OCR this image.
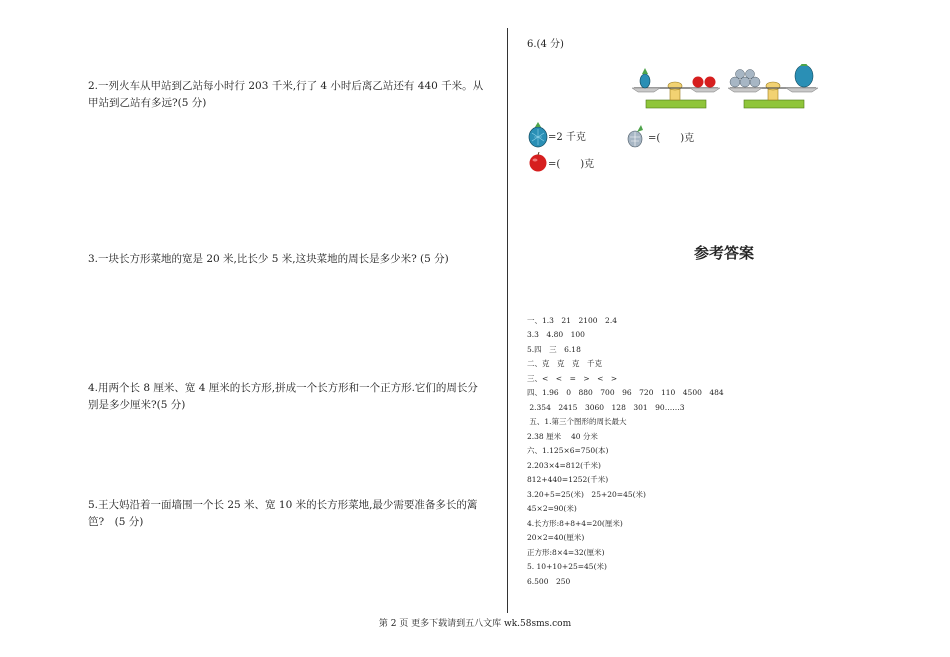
2.一列火车从甲站到乙站每小时行 203 千米,行了 4 小时后离乙站还有 440 千米。从甲站到乙站有多远?(5 分)
3.一块长方形菜地的宽是 20 米,比长少 5 米,这块菜地的周长是多少米? (5 分)
4.用两个长 8 厘米、宽 4 厘米的长方形,拼成一个长方形和一个正方形.它们的周长分别是多少厘米?(5 分)
5.王大妈沿着一面墙围一个长 25 米、宽 10 米的长方形菜地,最少需要准备多长的篱笆?　(5 分)
6.(4 分)
=2 千克	=(　　)克
=(　　)克
参考答案
一、1.3　21　2100　2.4
3.3　4.80　100
5.四　三　6.18
二、克　克　克　千克
三、<　<　=　>　<　>
四、1.96　0　880　700　96　720　110　4500　484
2.354　2415　3060　128　301　90……3
五、1.第三个图形的周长最大
2.38 厘米　 40 分米
六、1.125×6=750(本)
2.203×4=812(千米)
812+440=1252(千米)
3.20+5=25(米)　25+20=45(米)
45×2=90(米)
4.长方形:8+8+4=20(厘米)
20×2=40(厘米)
正方形:8×4=32(厘米)
5. 10+10+25=45(米)
6.500　250
第 2 页 更多下载请到五八文库 wk.58sms.com
